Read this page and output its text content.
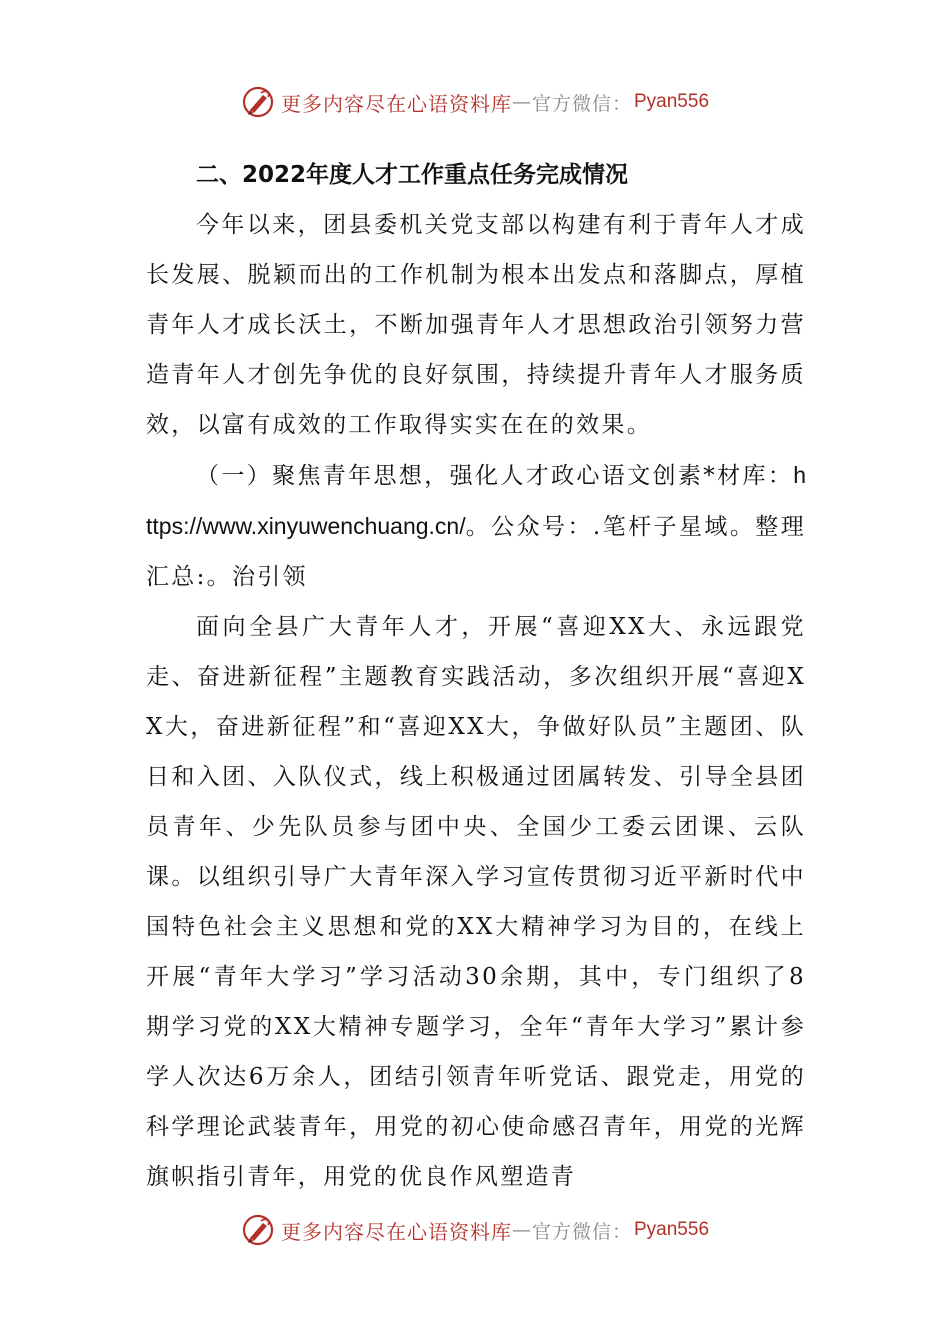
更多内容尽在心语资料库 — 官方微信： Pyan556
二、2022年度人才工作重点任务完成情况

今年以来，团县委机关党支部以构建有利于青年人才成长发展、脱颖而出的工作机制为根本出发点和落脚点，厚植青年人才成长沃土，不断加强青年人才思想政治引领努力营造青年人才创先争优的良好氛围，持续提升青年人才服务质效，以富有成效的工作取得实实在在的效果。

（一）聚焦青年思想，强化人才政心语文创素*材库：https://www.xinyuwenchuang.cn/。公众号：.笔杆子星域。整理汇总:。治引领

面向全县广大青年人才，开展“喜迎XX大、永远跟党走、奋进新征程”主题教育实践活动，多次组织开展“喜迎XX大，奋进新征程”和“喜迎XX大，争做好队员”主题团、队日和入团、入队仪式，线上积极通过团属转发、引导全县团员青年、少先队员参与团中央、全国少工委云团课、云队课。以组织引导广大青年深入学习宣传贯彻习近平新时代中国特色社会主义思想和党的XX大精神学习为目的，在线上开展“青年大学习”学习活动30余期，其中，专门组织了8期学习党的XX大精神专题学习，全年“青年大学习”累计参学人次达6万余人，团结引领青年听党话、跟党走，用党的科学理论武装青年，用党的初心使命感召青年，用党的光辉旗帜指引青年，用党的优良作风塑造青

更多内容尽在心语资料库 — 官方微信： Pyan556
